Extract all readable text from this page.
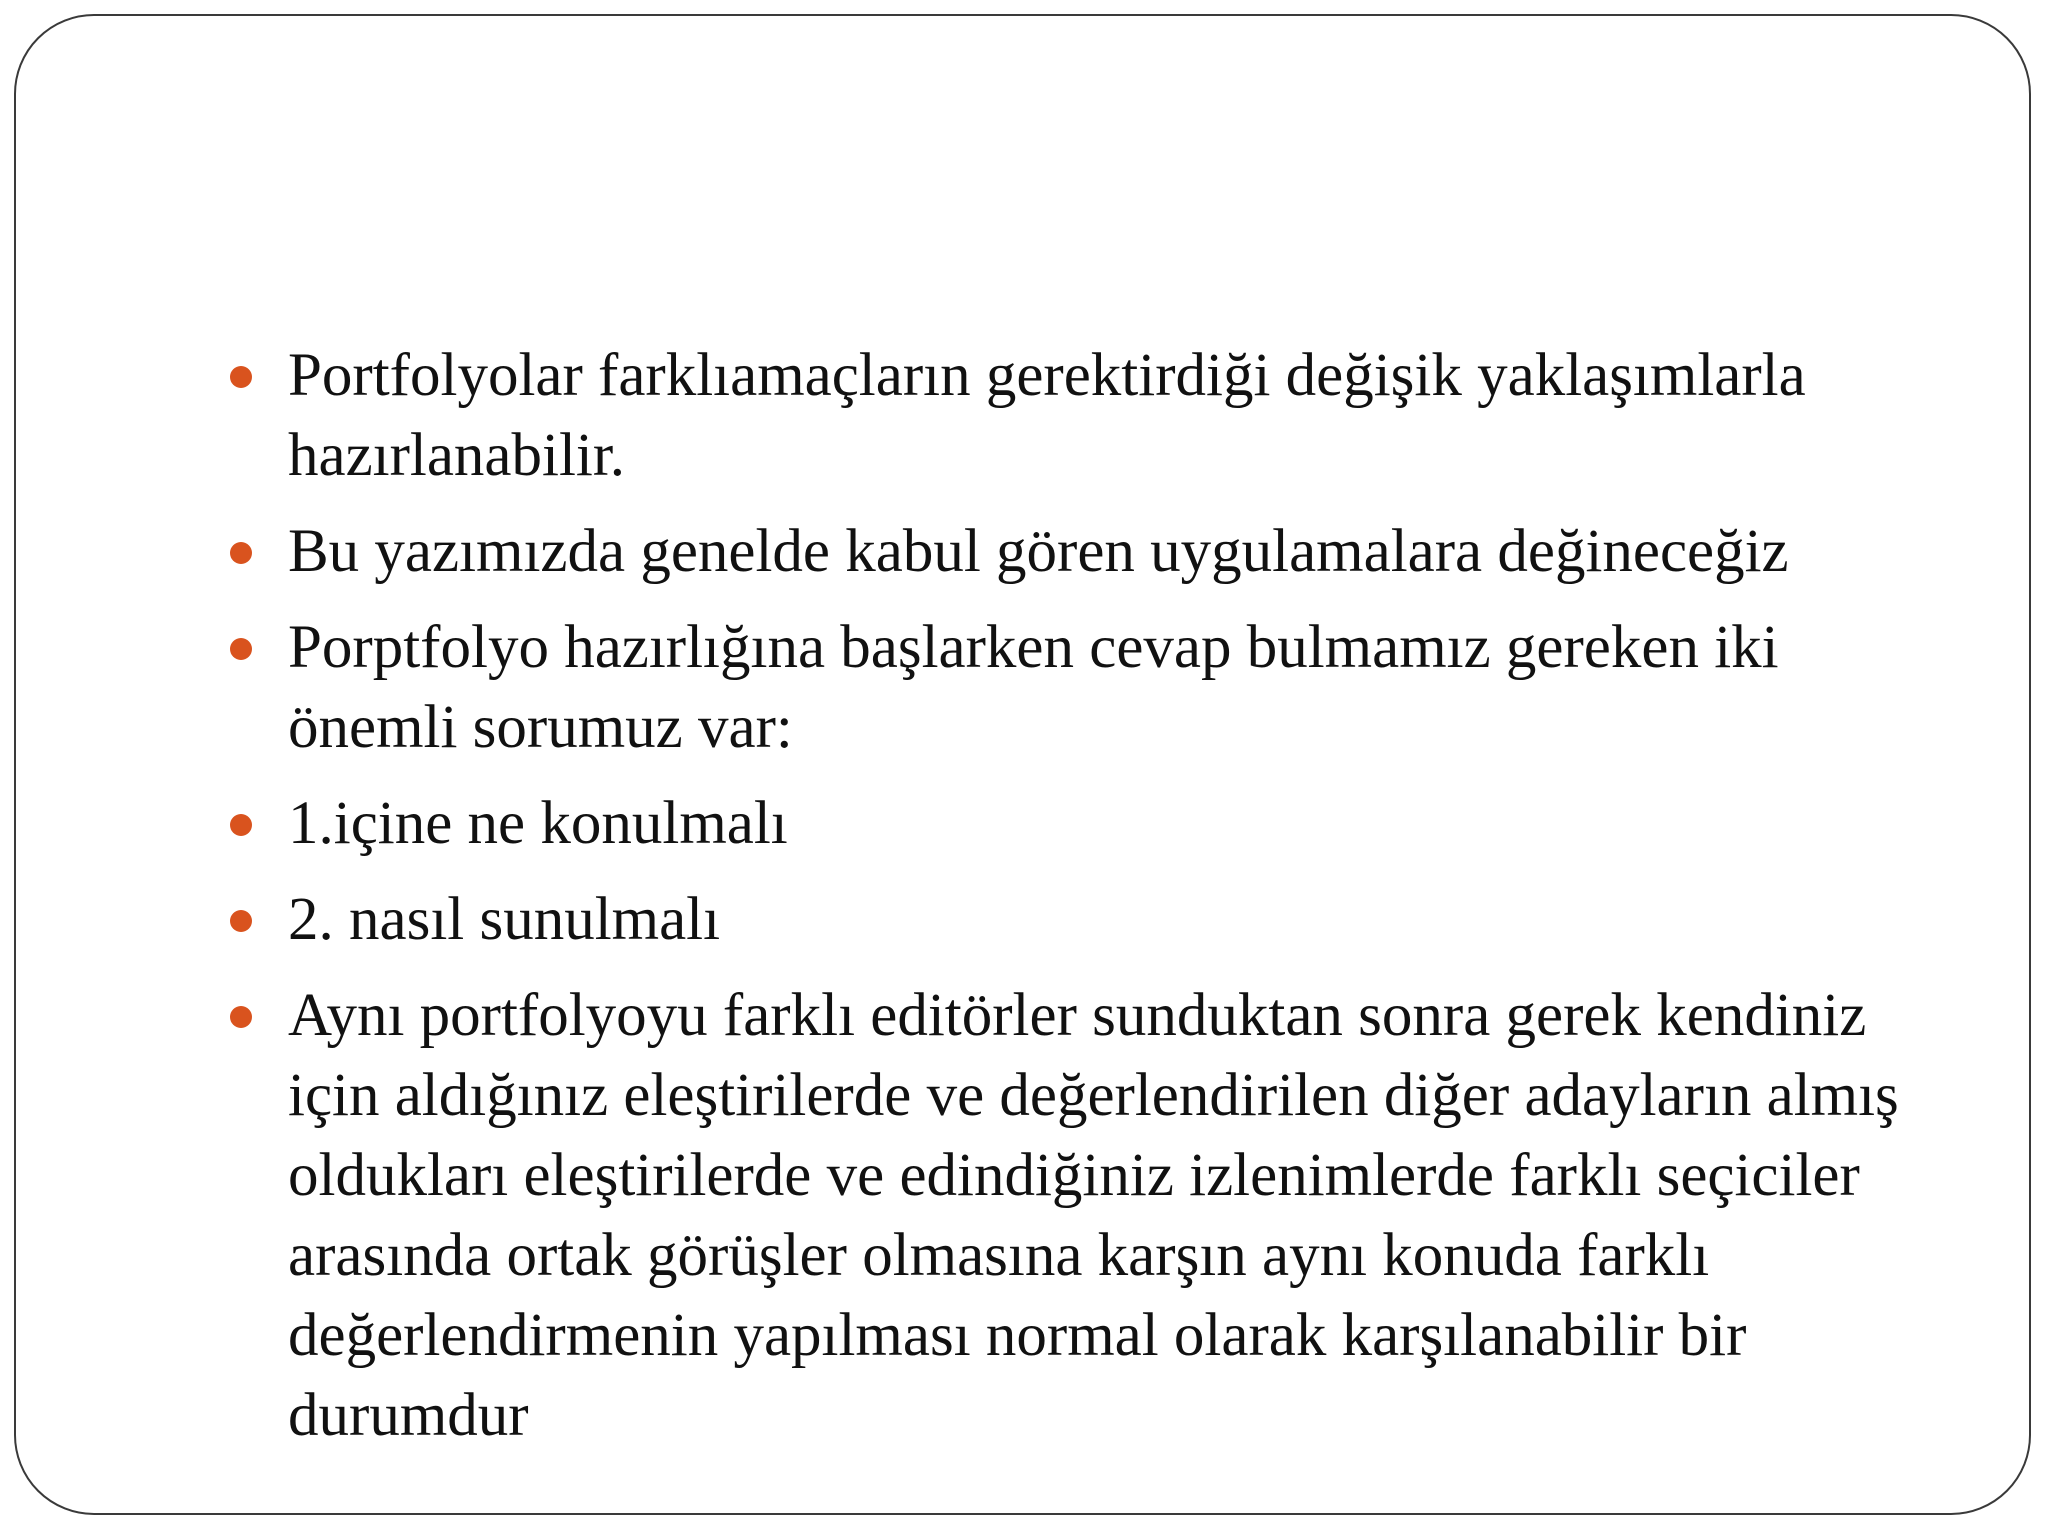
Portfolyolar farklıamaçların gerektirdiği değişik yaklaşımlarla hazırlanabilir.
Bu yazımızda genelde kabul gören uygulamalara değineceğiz
Porptfolyo hazırlığına başlarken cevap bulmamız gereken iki önemli sorumuz var:
1.içine ne konulmalı
2. nasıl sunulmalı
Aynı portfolyoyu farklı editörler sunduktan sonra gerek kendiniz için aldığınız eleştirilerde ve değerlendirilen diğer adayların almış oldukları eleştirilerde ve edindiğiniz izlenimlerde farklı seçiciler arasında ortak görüşler olmasına karşın aynı konuda farklı değerlendirmenin yapılması normal olarak karşılanabilir bir durumdur
